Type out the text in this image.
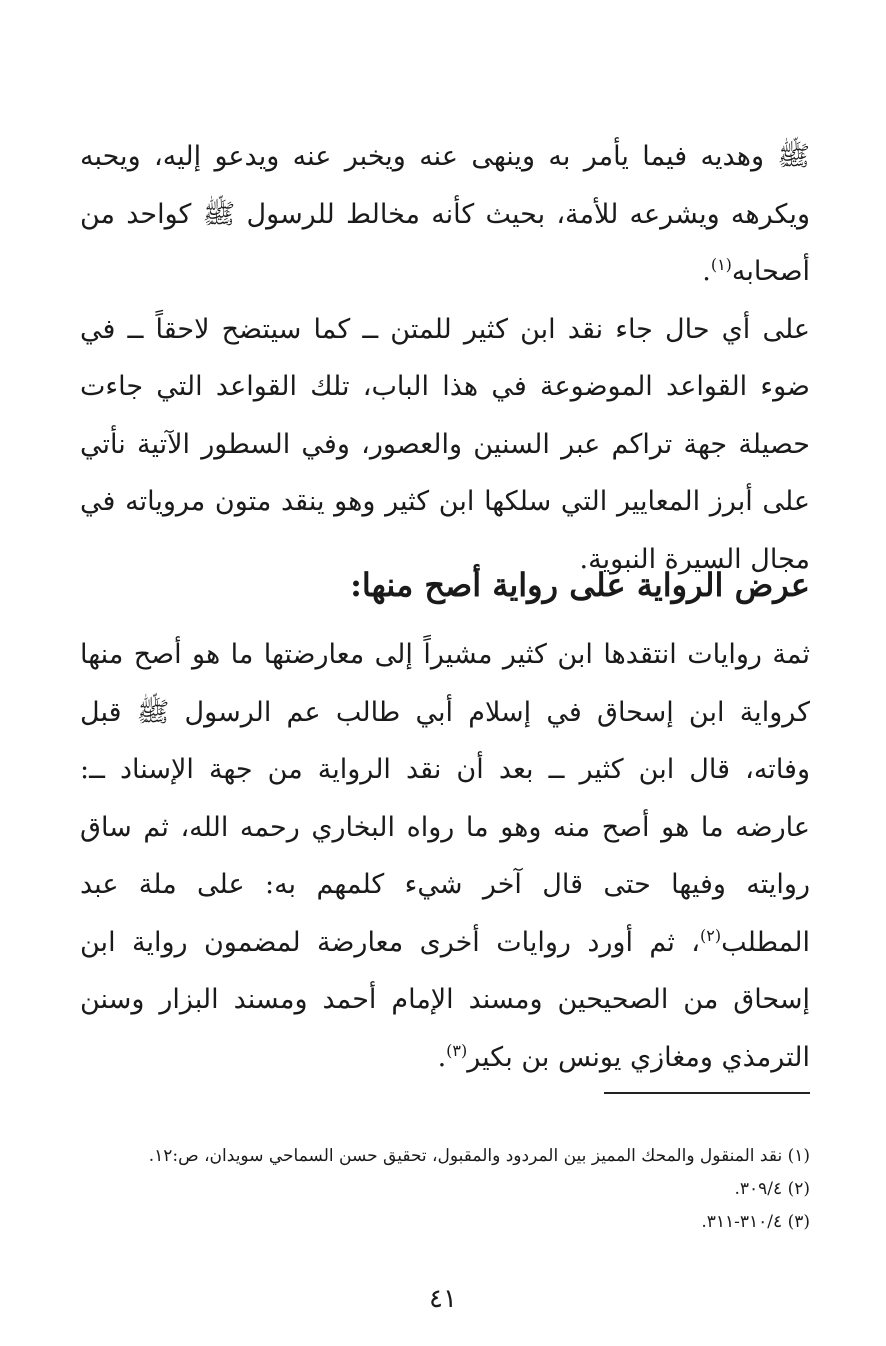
ﷺ وهديه فيما يأمر به وينهى عنه ويخبر عنه ويدعو إليه، ويحبه ويكرهه ويشرعه للأمة، بحيث كأنه مخالط للرسول ﷺ كواحد من أصحابه$^{(١)}$.

على أي حال جاء نقد ابن كثير للمتن ــ كما سيتضح لاحقاً ــ في ضوء القواعد الموضوعة في هذا الباب، تلك القواعد التي جاءت حصيلة جهة تراكم عبر السنين والعصور، وفي السطور الآتية نأتي على أبرز المعايير التي سلكها ابن كثير وهو ينقد متون مروياته في مجال السيرة النبوية.

عرض الرواية على رواية أصح منها:

ثمة روايات انتقدها ابن كثير مشيراً إلى معارضتها ما هو أصح منها كرواية ابن إسحاق في إسلام أبي طالب عم الرسول ﷺ قبل وفاته، قال ابن كثير ــ بعد أن نقد الرواية من جهة الإسناد ــ: عارضه ما هو أصح منه وهو ما رواه البخاري رحمه الله، ثم ساق روايته وفيها حتى قال آخر شيء كلمهم به: على ملة عبد المطلب$^{(٢)}$، ثم أورد روايات أخرى معارضة لمضمون رواية ابن إسحاق من الصحيحين ومسند الإمام أحمد ومسند البزار وسنن الترمذي ومغازي يونس بن بكير$^{(٣)}$.

(١) نقد المنقول والمحك المميز بين المردود والمقبول، تحقيق حسن السماحي سويدان، ص:١٢.
(٢) ٣٠٩/٤.
(٣) ٣١٠/٤-٣١١.
٤١
